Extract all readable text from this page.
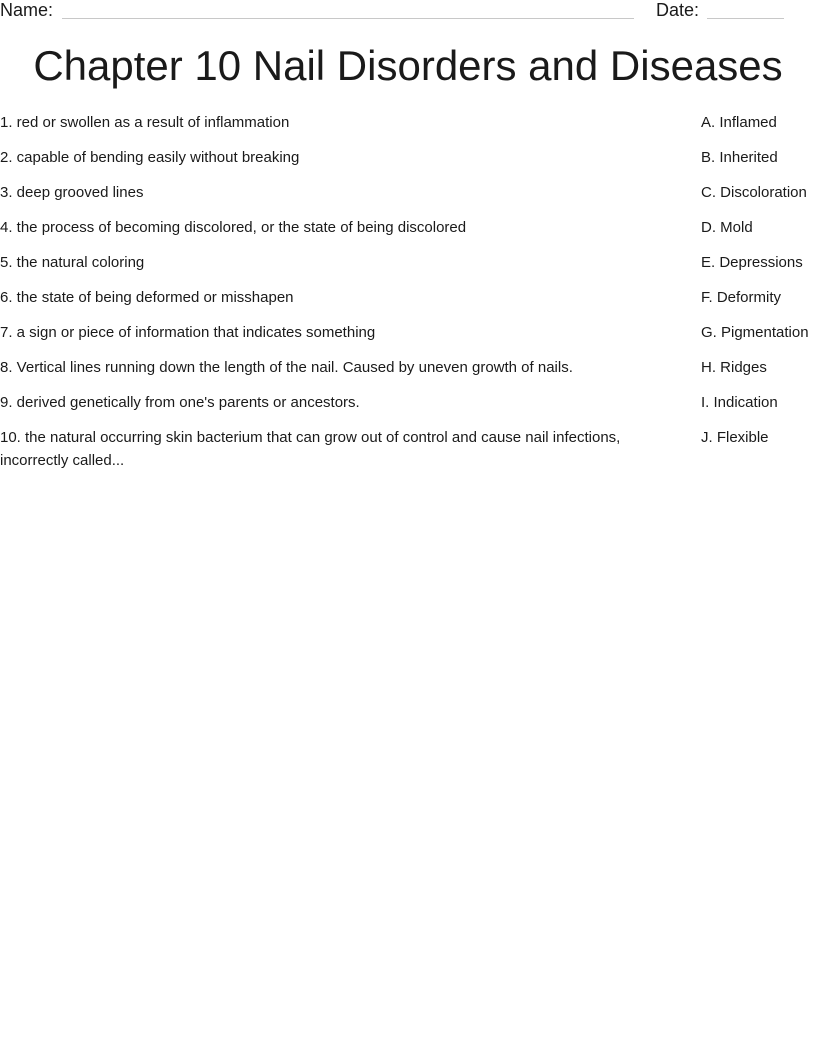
Name:	Date:
Chapter 10 Nail Disorders and Diseases
1. red or swollen as a result of inflammation
2. capable of bending easily without breaking
3. deep grooved lines
4. the process of becoming discolored, or the state of being discolored
5. the natural coloring
6. the state of being deformed or misshapen
7. a sign or piece of information that indicates something
8. Vertical lines running down the length of the nail. Caused by uneven growth of nails.
9. derived genetically from one's parents or ancestors.
10. the natural occurring skin bacterium that can grow out of control and cause nail infections, incorrectly called...
A. Inflamed
B. Inherited
C. Discoloration
D. Mold
E. Depressions
F. Deformity
G. Pigmentation
H. Ridges
I. Indication
J. Flexible
